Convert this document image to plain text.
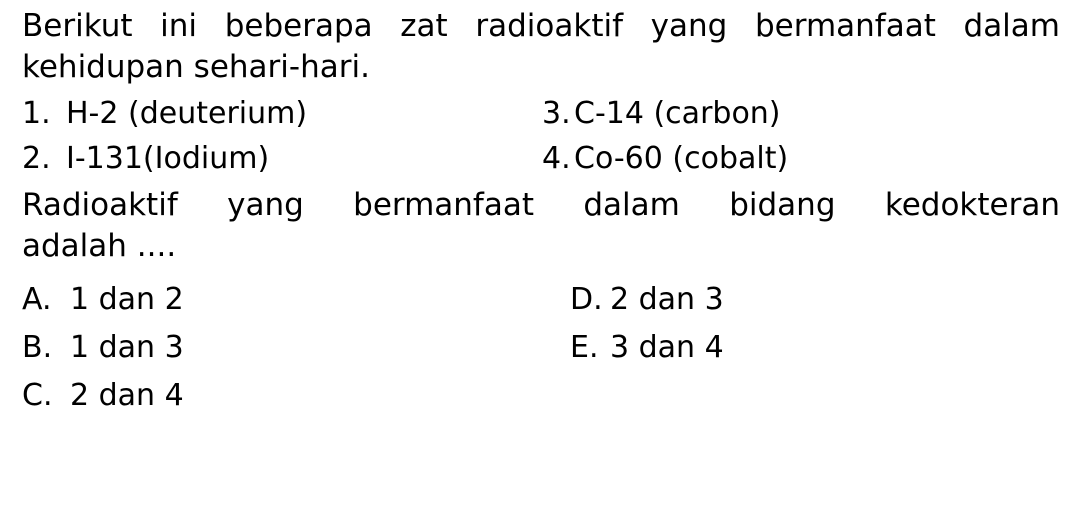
Berikut ini beberapa zat radioaktif yang bermanfaat dalam
kehidupan sehari-hari.

1. H-2 (deuterium)	3. C-14 (carbon)
2. I-131(Iodium)	4. Co-60 (cobalt)

Radioaktif yang bermanfaat dalam bidang kedokteran
adalah ....

A. 1 dan 2	D. 2 dan 3
B. 1 dan 3	E. 3 dan 4
C. 2 dan 4
